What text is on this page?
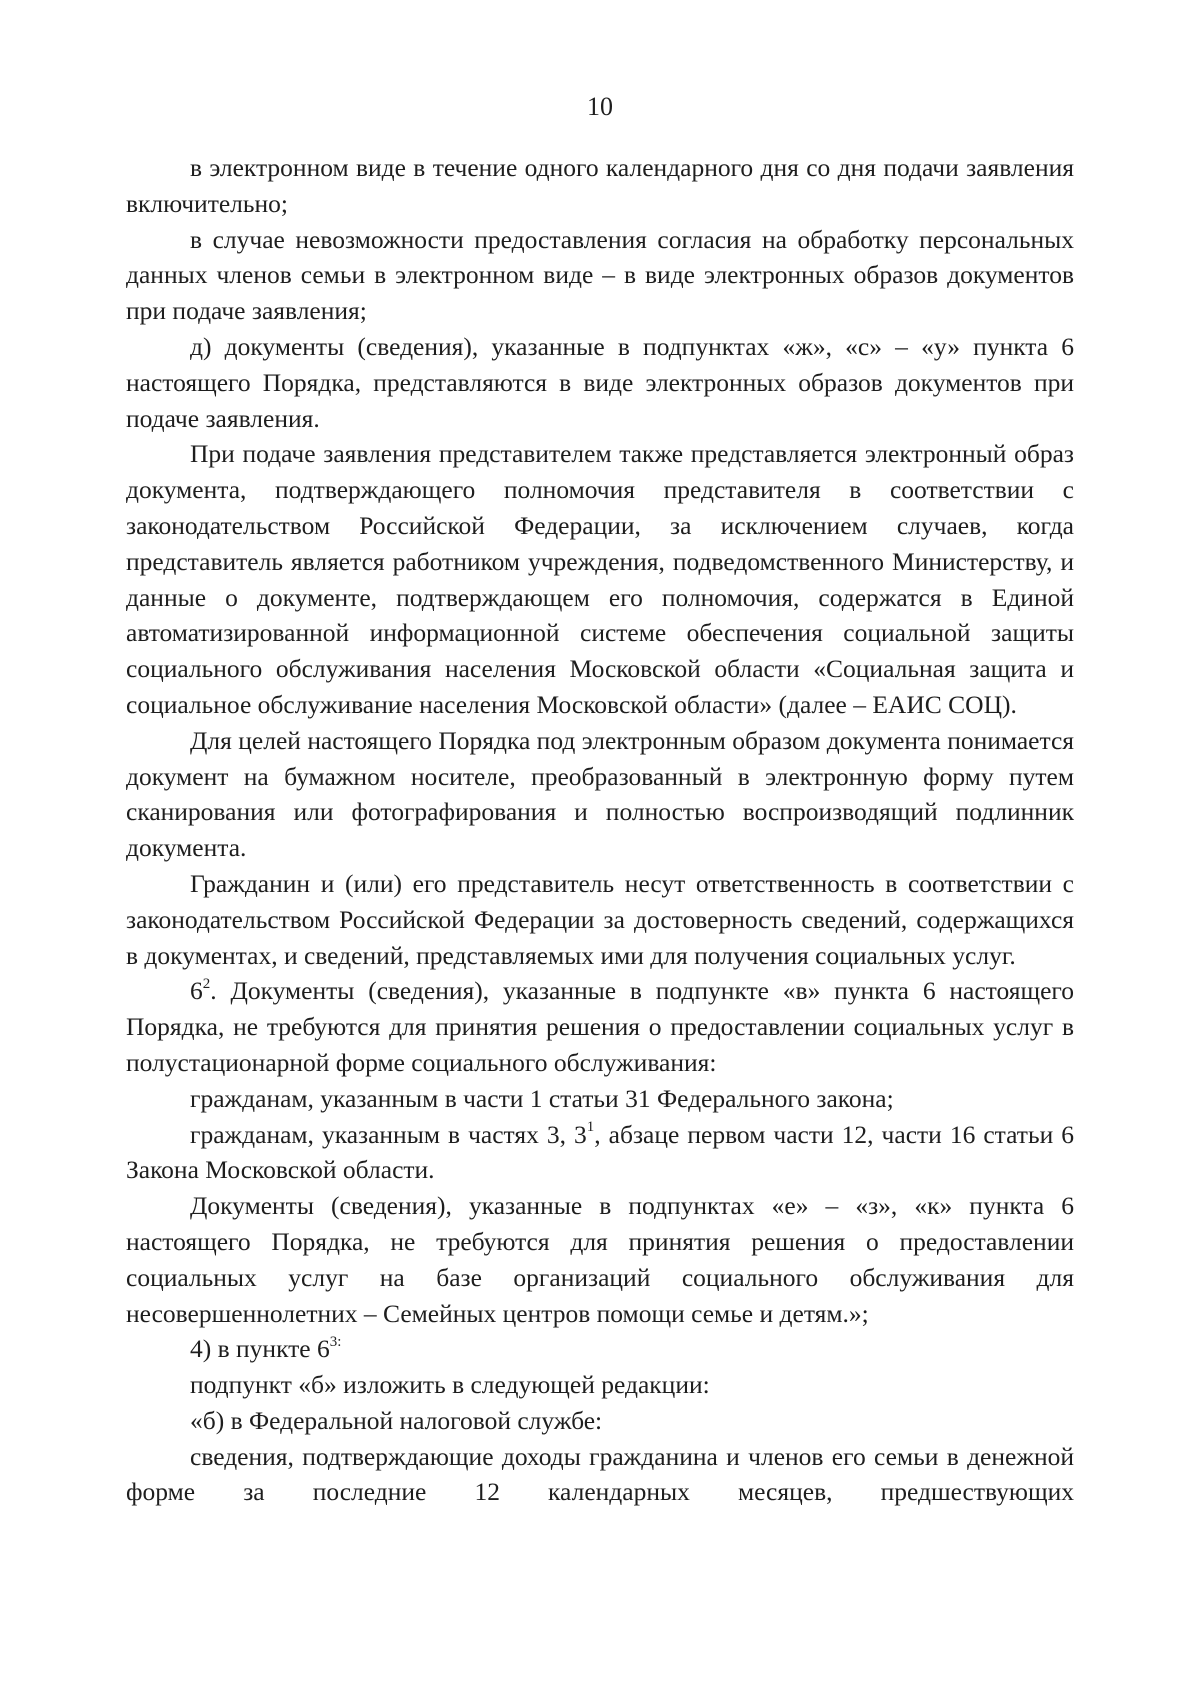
10

в электронном виде в течение одного календарного дня со дня подачи заявления включительно;

в случае невозможности предоставления согласия на обработку персональных данных членов семьи в электронном виде – в виде электронных образов документов при подаче заявления;

д) документы (сведения), указанные в подпунктах «ж», «с» – «у» пункта 6 настоящего Порядка, представляются в виде электронных образов документов при подаче заявления.

При подаче заявления представителем также представляется электронный образ документа, подтверждающего полномочия представителя в соответствии с законодательством Российской Федерации, за исключением случаев, когда представитель является работником учреждения, подведомственного Министерству, и данные о документе, подтверждающем его полномочия, содержатся в Единой автоматизированной информационной системе обеспечения социальной защиты социального обслуживания населения Московской области «Социальная защита и социальное обслуживание населения Московской области» (далее – ЕАИС СОЦ).

Для целей настоящего Порядка под электронным образом документа понимается документ на бумажном носителе, преобразованный в электронную форму путем сканирования или фотографирования и полностью воспроизводящий подлинник документа.

Гражданин и (или) его представитель несут ответственность в соответствии с законодательством Российской Федерации за достоверность сведений, содержащихся в документах, и сведений, представляемых ими для получения социальных услуг.

$6^2$. Документы (сведения), указанные в подпункте «в» пункта 6 настоящего Порядка, не требуются для принятия решения о предоставлении социальных услуг в полустационарной форме социального обслуживания:

гражданам, указанным в части 1 статьи 31 Федерального закона;

гражданам, указанным в частях 3, $3^1$, абзаце первом части 12, части 16 статьи 6 Закона Московской области.

Документы (сведения), указанные в подпунктах «е» – «з», «к» пункта 6 настоящего Порядка, не требуются для принятия решения о предоставлении социальных услуг на базе организаций социального обслуживания для несовершеннолетних – Семейных центров помощи семье и детям.»;

4) в пункте $6^{3:}$

подпункт «б» изложить в следующей редакции:

«б) в Федеральной налоговой службе:

сведения, подтверждающие доходы гражданина и членов его семьи в денежной форме за последние 12 календарных месяцев, предшествующих
